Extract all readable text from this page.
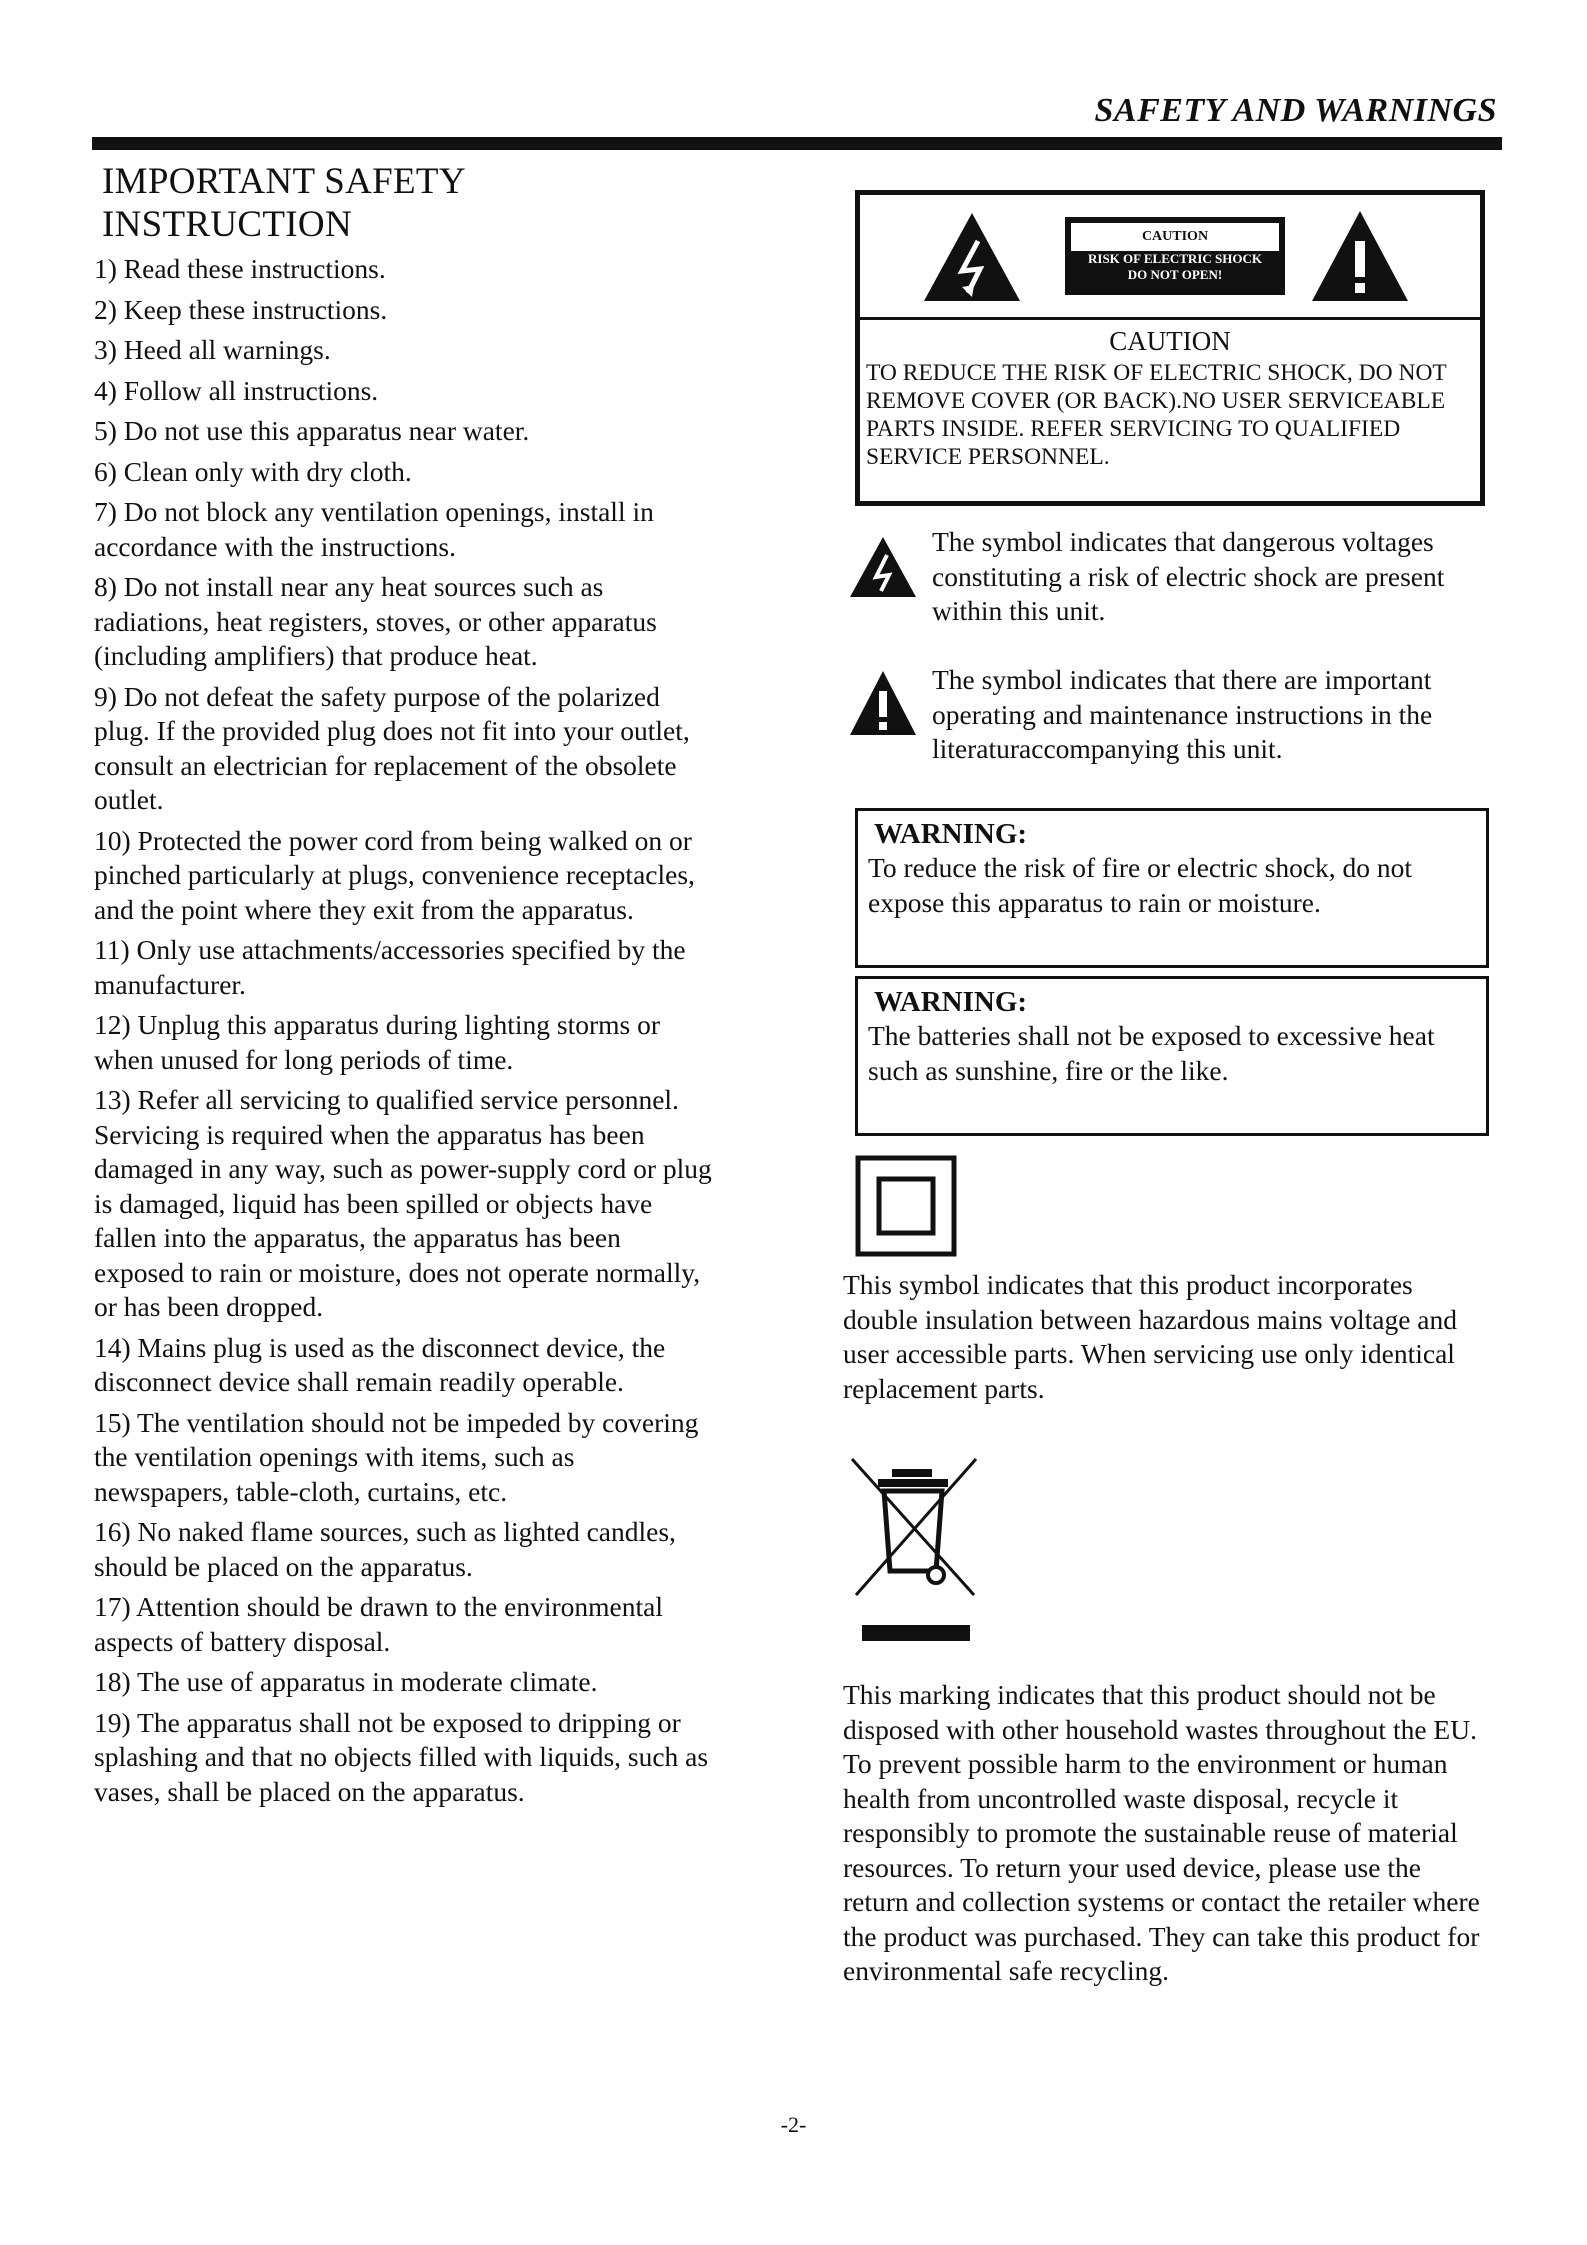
SAFETY AND WARNINGS
IMPORTANT SAFETY INSTRUCTION
1) Read these instructions.
2) Keep these instructions.
3) Heed all warnings.
4) Follow all instructions.
5) Do not use this apparatus near water.
6) Clean only with dry cloth.
7) Do not block any ventilation openings, install in accordance with the instructions.
8) Do not install near any heat sources such as radiations, heat registers, stoves, or other apparatus (including amplifiers) that produce heat.
9) Do not defeat the safety purpose of the polarized plug. If the provided plug does not fit into your outlet, consult an electrician for replacement of the obsolete outlet.
10) Protected the power cord from being walked on or pinched particularly at plugs, convenience receptacles, and the point where they exit from the apparatus.
11) Only use attachments/accessories specified by the manufacturer.
12) Unplug this apparatus during lighting storms or when unused for long periods of time.
13) Refer all servicing to qualified service personnel. Servicing is required when the apparatus has been damaged in any way, such as power-supply cord or plug is damaged, liquid has been spilled or objects have fallen into the apparatus, the apparatus has been exposed to rain or moisture, does not operate normally, or has been dropped.
14) Mains plug is used as the disconnect device, the disconnect device shall remain readily operable.
15) The ventilation should not be impeded by covering the ventilation openings with items, such as newspapers, table-cloth, curtains, etc.
16) No naked flame sources, such as lighted candles, should be placed on the apparatus.
17) Attention should be drawn to the environmental aspects of battery disposal.
18) The use of apparatus in moderate climate.
19) The apparatus shall not be exposed to dripping or splashing and that no objects filled with liquids, such as vases, shall be placed on the apparatus.
CAUTION
RISK OF ELECTRIC SHOCK
DO NOT OPEN!
CAUTION
TO REDUCE THE RISK OF ELECTRIC SHOCK, DO NOT REMOVE COVER (OR BACK).NO USER SERVICEABLE PARTS INSIDE. REFER SERVICING TO QUALIFIED SERVICE PERSONNEL.
The symbol indicates that dangerous voltages constituting a risk of electric shock are present within this unit.
The symbol indicates that there are important operating and maintenance instructions in the literaturaccompanying this unit.
WARNING:
To reduce the risk of fire or electric shock, do not expose this apparatus to rain or moisture.
WARNING:
The batteries shall not be exposed to excessive heat such as sunshine, fire or the like.
This symbol indicates that this product incorporates double insulation between hazardous mains voltage and user accessible parts. When servicing use only identical replacement parts.
This marking indicates that this product should not be disposed with other household wastes throughout the EU. To prevent possible harm to the environment or human health from uncontrolled waste disposal, recycle it responsibly to promote the sustainable reuse of material resources. To return your used device, please use the return and collection systems or contact the retailer where the product was purchased. They can take this product for environmental safe recycling.
-2-
